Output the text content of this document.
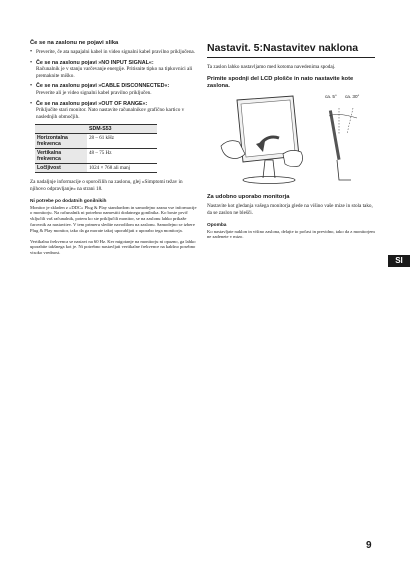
Če se na zaslonu ne pojavi slika

• Preverite, če ata napajalni kabel in video signalni kabel pravilno priključena.

• Če se na zaslonu pojavi »NO INPUT SIGNAL«:

Računalnik je v stanju varčevanje energije. Pritisnite tipko na tipkovnici ali premaknite miško.

• Če se na zaslonu pojavi »CABLE DISCONNECTED«:

Preverite ali je video signalni kabel pravilno priključen.

• Če se na zaslonu pojavi »OUT OF RANGE«:

Priključite stari monitor. Nato nastavite računalnikov grafično kartico v naslednjih območjih.

	SDM-S53
Horizontalna frekvenca	28 – 61 kHz
Vertikalna frekvenca	48 – 75 Hz
Ločljivost	1024 × 768 ali manj

Za nadaljnje informacije o sporočilih na zaslonu, glej »Simptomi težav in njihovo odpravljanje« na strani 18.

Ni potrebe po dodatnih gonilnikih

Monitor je skladen z »DDC« Plug & Play standardom in samodejno zazna vse informacije o monitorju. Na računalnik ni potrebno namestiti dodatnega gonilnika. Ko boste prvič vključili vaš računalnik, potem ko ste priključili monitor, se na zaslonu lahko prikaže čarovnik za nastavitev. V tem primeru sledite navodilom na zaslonu. Samodejno se izbere Plug & Play monitor, tako da ga morate takoj uporabljati z uporabo tega monitorja.

Vertikalna frekvenca se nastavi na 60 Hz. Ker migotanje na monitorju ni opazno, ga lahko uporabite takšnega kot je. Ni potrebno nastavljati vertikalne frekvence na kakšno posebno visoko vrednost.

Nastavit. 5:Nastavitev naklona

Ta zaslon lahko nastavljamo med kotoma navedenima spodaj.

Primite spodnji del LCD plošče in nato nastavite kote zaslona.

ca. 5°	ca. 30°

Za udobno uporabo monitorja

Nastavite kot gledanja vašega monitorja glede na višino vaše mize in stola tako, da se zaslon ne blešči.

Opomba

Ko nastavljate naklon in višino zaslona, delajte to počasi in previdno, tako da z monitorjem ne zadenete v mizo.

SI
9
